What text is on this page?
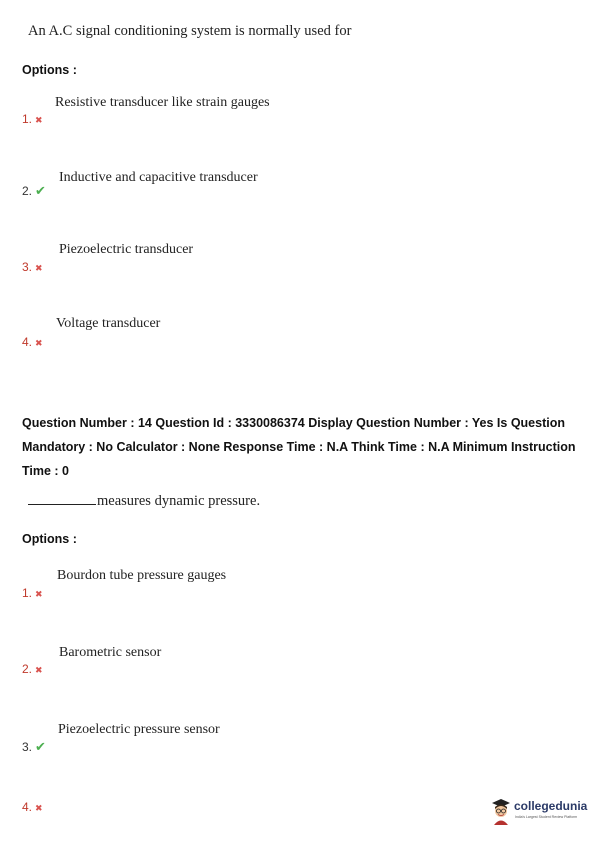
An A.C signal conditioning system is normally used for
Options :
Resistive transducer like strain gauges
1. ✖
Inductive and capacitive transducer
2. ✔
Piezoelectric transducer
3. ✖
Voltage transducer
4. ✖
Question Number : 14 Question Id : 3330086374 Display Question Number : Yes Is Question Mandatory : No Calculator : None Response Time : N.A Think Time : N.A Minimum Instruction Time : 0
measures dynamic pressure.
Options :
Bourdon tube pressure gauges
1. ✖
Barometric sensor
2. ✖
Piezoelectric pressure sensor
3. ✔
4. ✖	collegedunia
India's Largest Student Review Platform
